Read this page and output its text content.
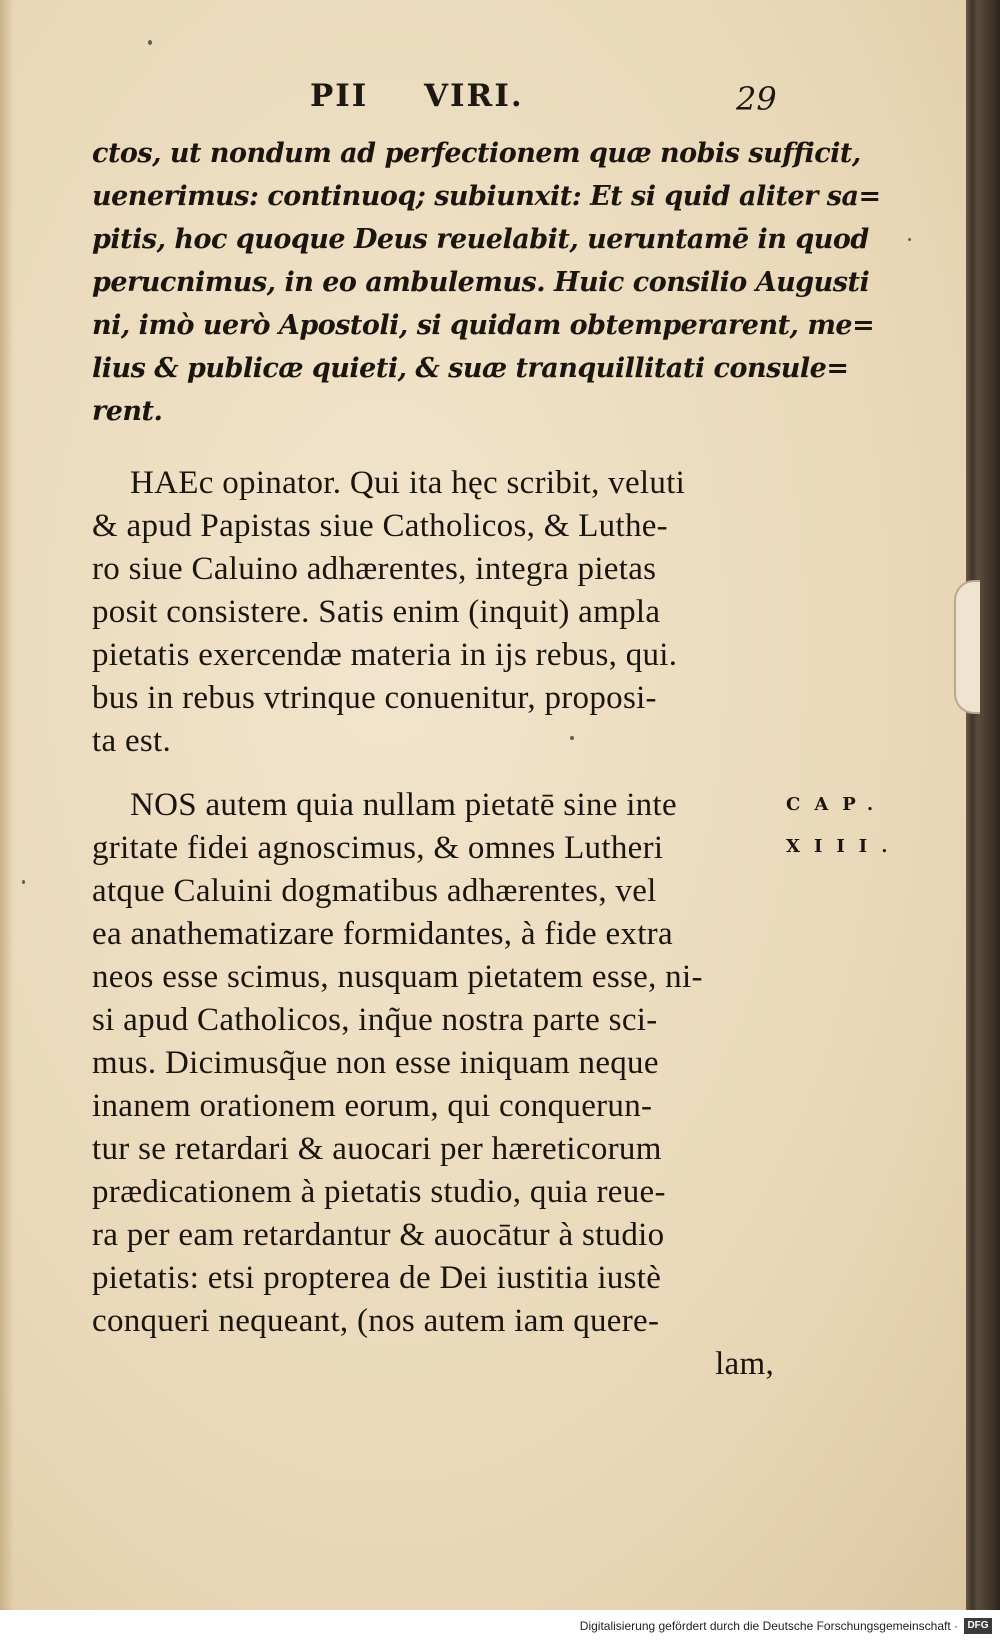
PII VIRI.	29
ctos, ut nondum ad perfectionem quæ nobis sufficit,
uenerimus: continuoq; subiunxit: Et si quid aliter sa=
pitis, hoc quoque Deus reuelabit, ueruntamē in quod
perucnimus, in eo ambulemus. Huic consilio Augusti
ni, imò uerò Apostoli, si quidam obtemperarent, me=
lius & publicæ quieti, & suæ tranquillitati consule=
rent.
HAEc opinator. Qui ita hęc scribit, veluti
& apud Papistas siue Catholicos, & Luthe-
ro siue Caluino adhærentes, integra pietas
posit consistere. Satis enim (inquit) ampla
pietatis exercendæ materia in ijs rebus, qui.
bus in rebus vtrinque conuenitur, proposi-
ta est.
CAP.
XIII.
NOS autem quia nullam pietatē sine inte
gritate fidei agnoscimus, & omnes Lutheri
atque Caluini dogmatibus adhærentes, vel
ea anathematizare formidantes, à fide extra
neos esse scimus, nusquam pietatem esse, ni-
si apud Catholicos, inq̃ue nostra parte sci-
mus. Dicimusq̃ue non esse iniquam neque
inanem orationem eorum, qui conquerun-
tur se retardari & auocari per hæreticorum
prædicationem à pietatis studio, quia reue-
ra per eam retardantur & auocātur à studio
pietatis: etsi propterea de Dei iustitia iustè
conqueri nequeant, (nos autem iam quere-
lam,
Digitalisierung gefördert durch die Deutsche Forschungsgemeinschaft · DFG
